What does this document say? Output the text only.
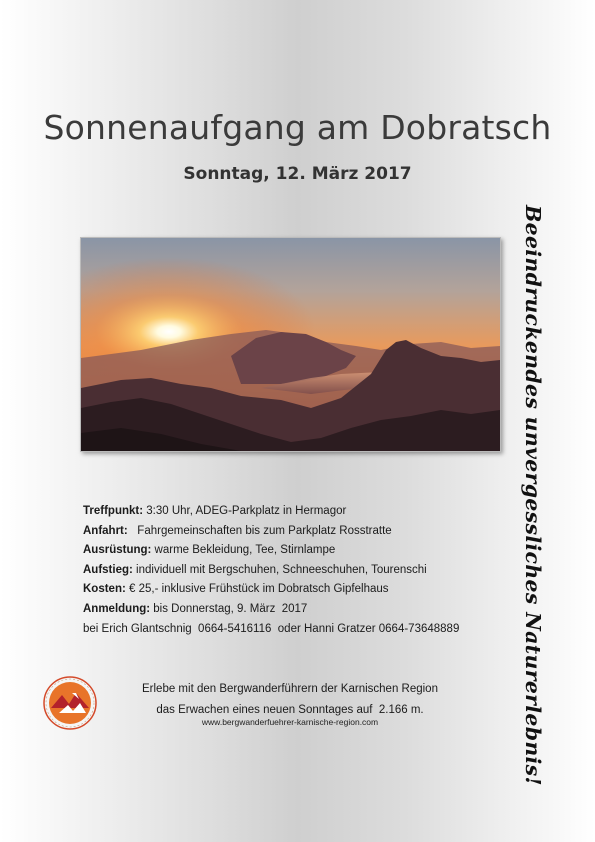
Sonnenaufgang am Dobratsch
Sonntag, 12. März 2017
Beeindruckendes unvergessliches Naturerlebnis!
Treffpunkt: 3:30 Uhr, ADEG-Parkplatz in Hermagor
Anfahrt:   Fahrgemeinschaften bis zum Parkplatz Rosstratte
Ausrüstung: warme Bekleidung, Tee, Stirnlampe
Aufstieg: individuell mit Bergschuhen, Schneeschuhen, Tourenschi
Kosten: € 25,- inklusive Frühstück im Dobratsch Gipfelhaus
Anmeldung: bis Donnerstag, 9. März  2017
bei Erich Glantschnig  0664-5416116  oder Hanni Gratzer 0664-73648889
Erlebe mit den Bergwanderführern der Karnischen Region
das Erwachen eines neuen Sonntages auf  2.166 m.
www.bergwanderfuehrer-karnische-region.com
